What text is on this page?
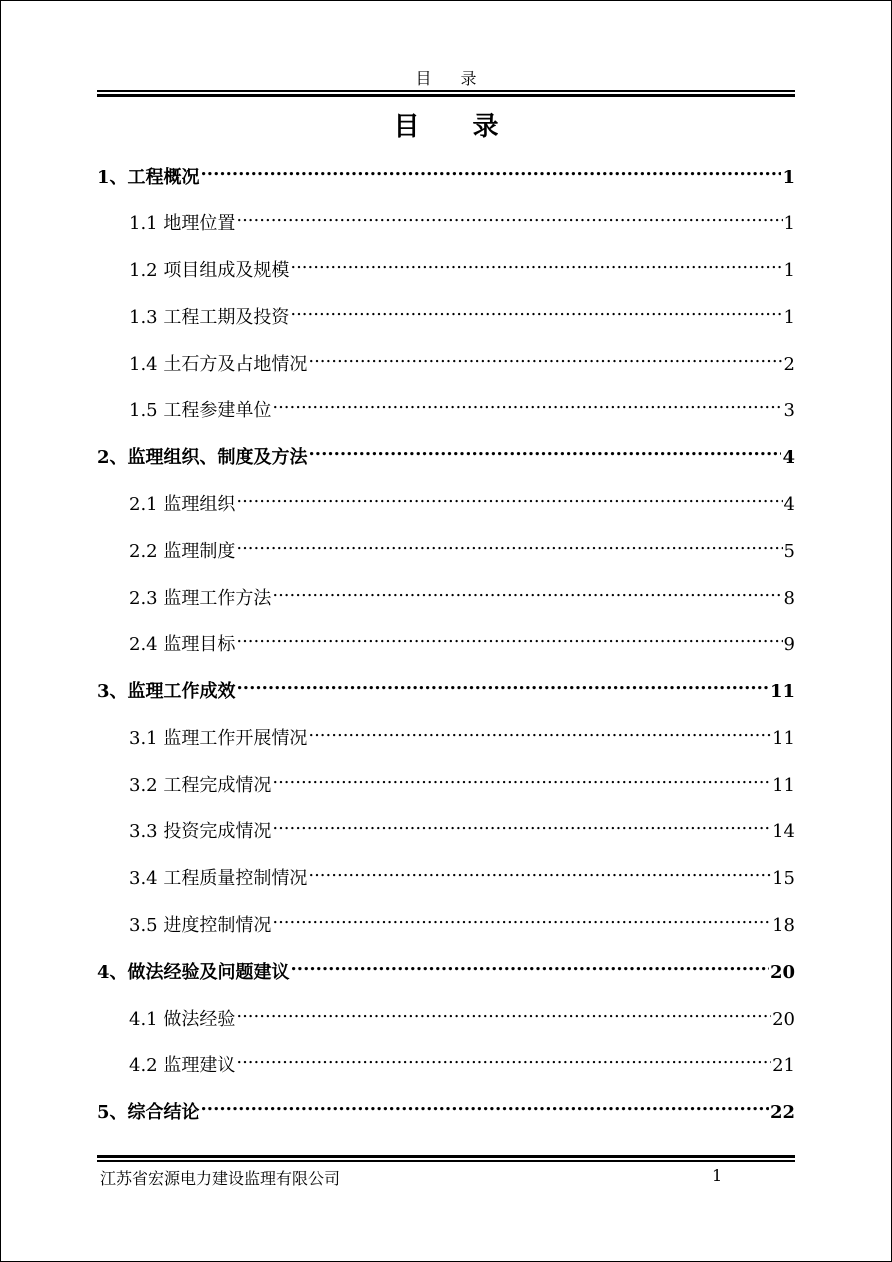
目 录
目 录
1、工程概况 .....	1
1.1 地理位置 .....	1
1.2 项目组成及规模 .....	1
1.3 工程工期及投资 .....	1
1.4 土石方及占地情况 .....	2
1.5 工程参建单位 .....	3
2、监理组织、制度及方法 .....	4
2.1 监理组织 .....	4
2.2 监理制度 .....	5
2.3 监理工作方法 .....	8
2.4 监理目标 .....	9
3、监理工作成效 .....	11
3.1 监理工作开展情况 .....	11
3.2 工程完成情况 .....	11
3.3 投资完成情况 .....	14
3.4 工程质量控制情况 .....	15
3.5 进度控制情况 .....	18
4、做法经验及问题建议 .....	20
4.1 做法经验 .....	20
4.2 监理建议 .....	21
5、综合结论 .....	22
江苏省宏源电力建设监理有限公司	1
